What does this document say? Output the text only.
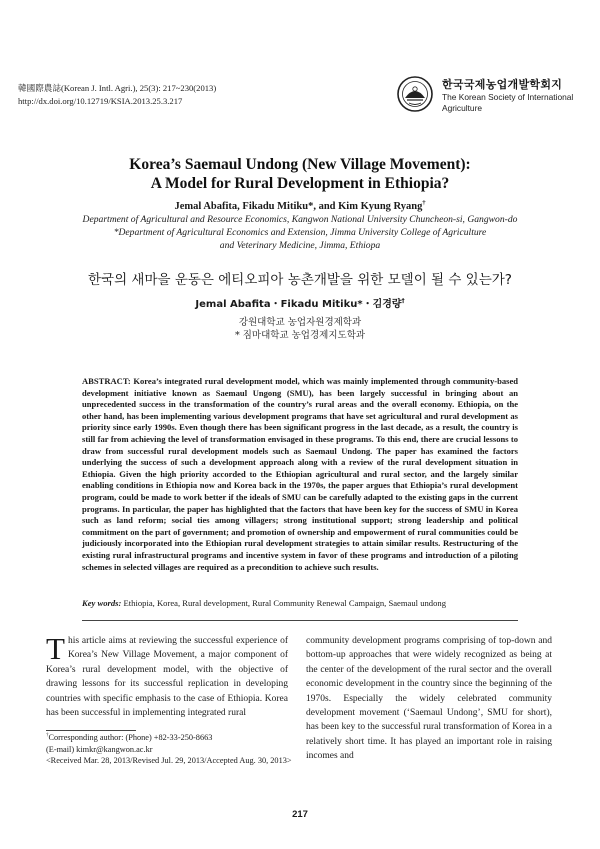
韓國際農誌(Korean J. Intl. Agri.), 25(3): 217~230(2013)
http://dx.doi.org/10.12719/KSIA.2013.25.3.217
한국국제농업개발학회지
The Korean Society of International
Agriculture
Korea’s Saemaul Undong (New Village Movement):
A Model for Rural Development in Ethiopia?
Jemal Abafita, Fikadu Mitiku*, and Kim Kyung Ryang†
Department of Agricultural and Resource Economics, Kangwon National University Chuncheon-si, Gangwon-do
*Department of Agricultural Economics and Extension, Jimma University College of Agriculture
and Veterinary Medicine, Jimma, Ethiopa
한국의 새마을 운동은 에티오피아 농촌개발을 위한 모델이 될 수 있는가?
Jemal Abafita・Fikadu Mitiku*・김경량†
강원대학교 농업자원경제학과
* 짐마대학교 농업경제지도학과
ABSTRACT: Korea’s integrated rural development model, which was mainly implemented through community-based development initiative known as Saemaul Ungong (SMU), has been largely successful in bringing about an unprecedented success in the transformation of the country’s rural areas and the overall economy. Ethiopia, on the other hand, has been implementing various development programs that have set agricultural and rural development as priority since early 1990s. Even though there has been significant progress in the last decade, as a result, the country is still far from achieving the level of transformation envisaged in these programs. To this end, there are crucial lessons to draw from successful rural development models such as Saemaul Undong. The paper has examined the factors underlying the success of such a development approach along with a review of the rural development situation in Ethiopia. Given the high priority accorded to the Ethiopian agricultural and rural sector, and the largely similar enabling conditions in Ethiopia now and Korea back in the 1970s, the paper argues that Ethiopia’s rural development program, could be made to work better if the ideals of SMU can be carefully adapted to the existing gaps in the current programs. In particular, the paper has highlighted that the factors that have been key for the success of SMU in Korea such as land reform; social ties among villagers; strong institutional support; strong leadership and political commitment on the part of government; and promotion of ownership and empowerment of rural communities could be judiciously incorporated into the Ethiopian rural development strategies to attain similar results. Restructuring of the existing rural infrastructural programs and incentive system in favor of these programs and introduction of a piloting schemes in selected villages are required as a precondition to achieve such results.
Key words: Ethiopia, Korea, Rural development, Rural Community Renewal Campaign, Saemaul undong
This article aims at reviewing the successful experience of Korea’s New Village Movement, a major component of Korea’s rural development model, with the objective of drawing lessons for its successful replication in developing countries with specific emphasis to the case of Ethiopia. Korea has been successful in implementing integrated rural
community development programs comprising of top-down and bottom-up approaches that were widely recognized as being at the center of the development of the rural sector and the overall economic development in the country since the beginning of the 1970s. Especially the widely celebrated community development movement (‘Saemaul Undong’, SMU for short), has been key to the successful rural transformation of Korea in a relatively short time. It has played an important role in raising incomes and
†Corresponding author: (Phone) +82-33-250-8663
(E-mail) kimkr@kangwon.ac.kr
<Received Mar. 28, 2013/Revised Jul. 29, 2013/Accepted Aug. 30, 2013>
217
